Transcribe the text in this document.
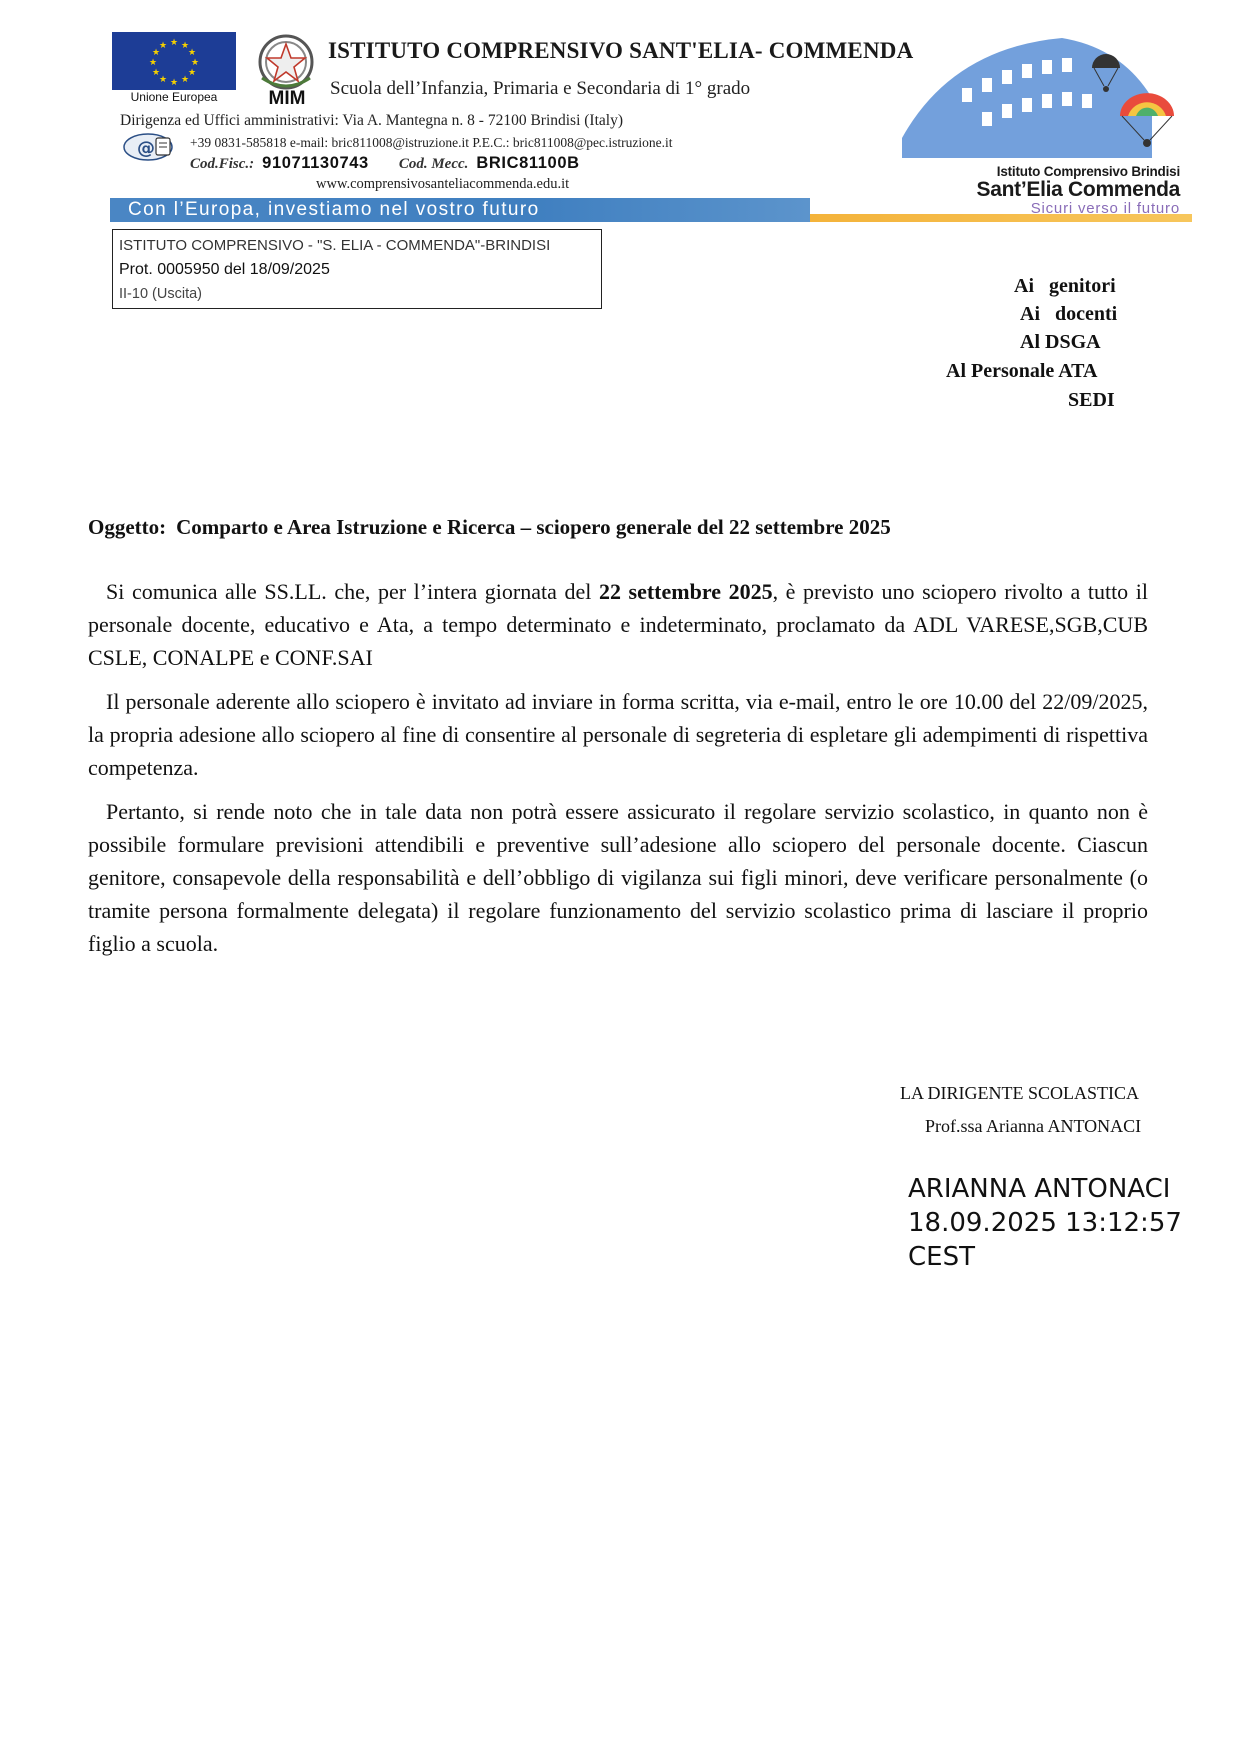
★ ★
★
★
★
★
★
★
★
★
★
★
Unione Europea	MIM
ISTITUTO COMPRENSIVO SANT'ELIA- COMMENDA
Scuola dell’Infanzia, Primaria e Secondaria di 1° grado
Dirigenza ed Uffici amministrativi: Via A. Mantegna n. 8 - 72100 Brindisi (Italy)
@	+39 0831-585818 e-mail: bric811008@istruzione.it P.E.C.: bric811008@pec.istruzione.it
Cod.Fisc.: 91071130743 Cod. Mecc. BRIC81100B
www.comprensivosanteliacommenda.edu.it
Con l’Europa, investiamo nel vostro futuro
Istituto Comprensivo Brindisi
Sant’Elia Commenda
Sicuri verso il futuro
ISTITUTO COMPRENSIVO - "S. ELIA - COMMENDA"-BRINDISI
Prot. 0005950 del 18/09/2025
II-10 (Uscita)	Ai   genitori
Ai   docenti
Al DSGA
Al Personale ATA
SEDI
Oggetto: Comparto e Area Istruzione e Ricerca – sciopero generale del 22 settembre 2025

Si comunica alle SS.LL. che, per l’intera giornata del 22 settembre 2025, è previsto uno sciopero rivolto a tutto il personale docente, educativo e Ata, a tempo determinato e indeterminato, proclamato da ADL VARESE,SGB,CUB CSLE, CONALPE e CONF.SAI

Il personale aderente allo sciopero è invitato ad inviare in forma scritta, via e-mail, entro le ore 10.00 del 22/09/2025, la propria adesione allo sciopero al fine di consentire al personale di segreteria di espletare gli adempimenti di rispettiva competenza.

Pertanto, si rende noto che in tale data non potrà essere assicurato il regolare servizio scolastico, in quanto non è possibile formulare previsioni attendibili e preventive sull’adesione allo sciopero del personale docente. Ciascun genitore, consapevole della responsabilità e dell’obbligo di vigilanza sui figli minori, deve verificare personalmente (o tramite persona formalmente delegata) il regolare funzionamento del servizio scolastico prima di lasciare il proprio figlio a scuola.

LA DIRIGENTE SCOLASTICA
Prof.ssa Arianna ANTONACI
ARIANNA ANTONACI
18.09.2025 13:12:57
CEST
